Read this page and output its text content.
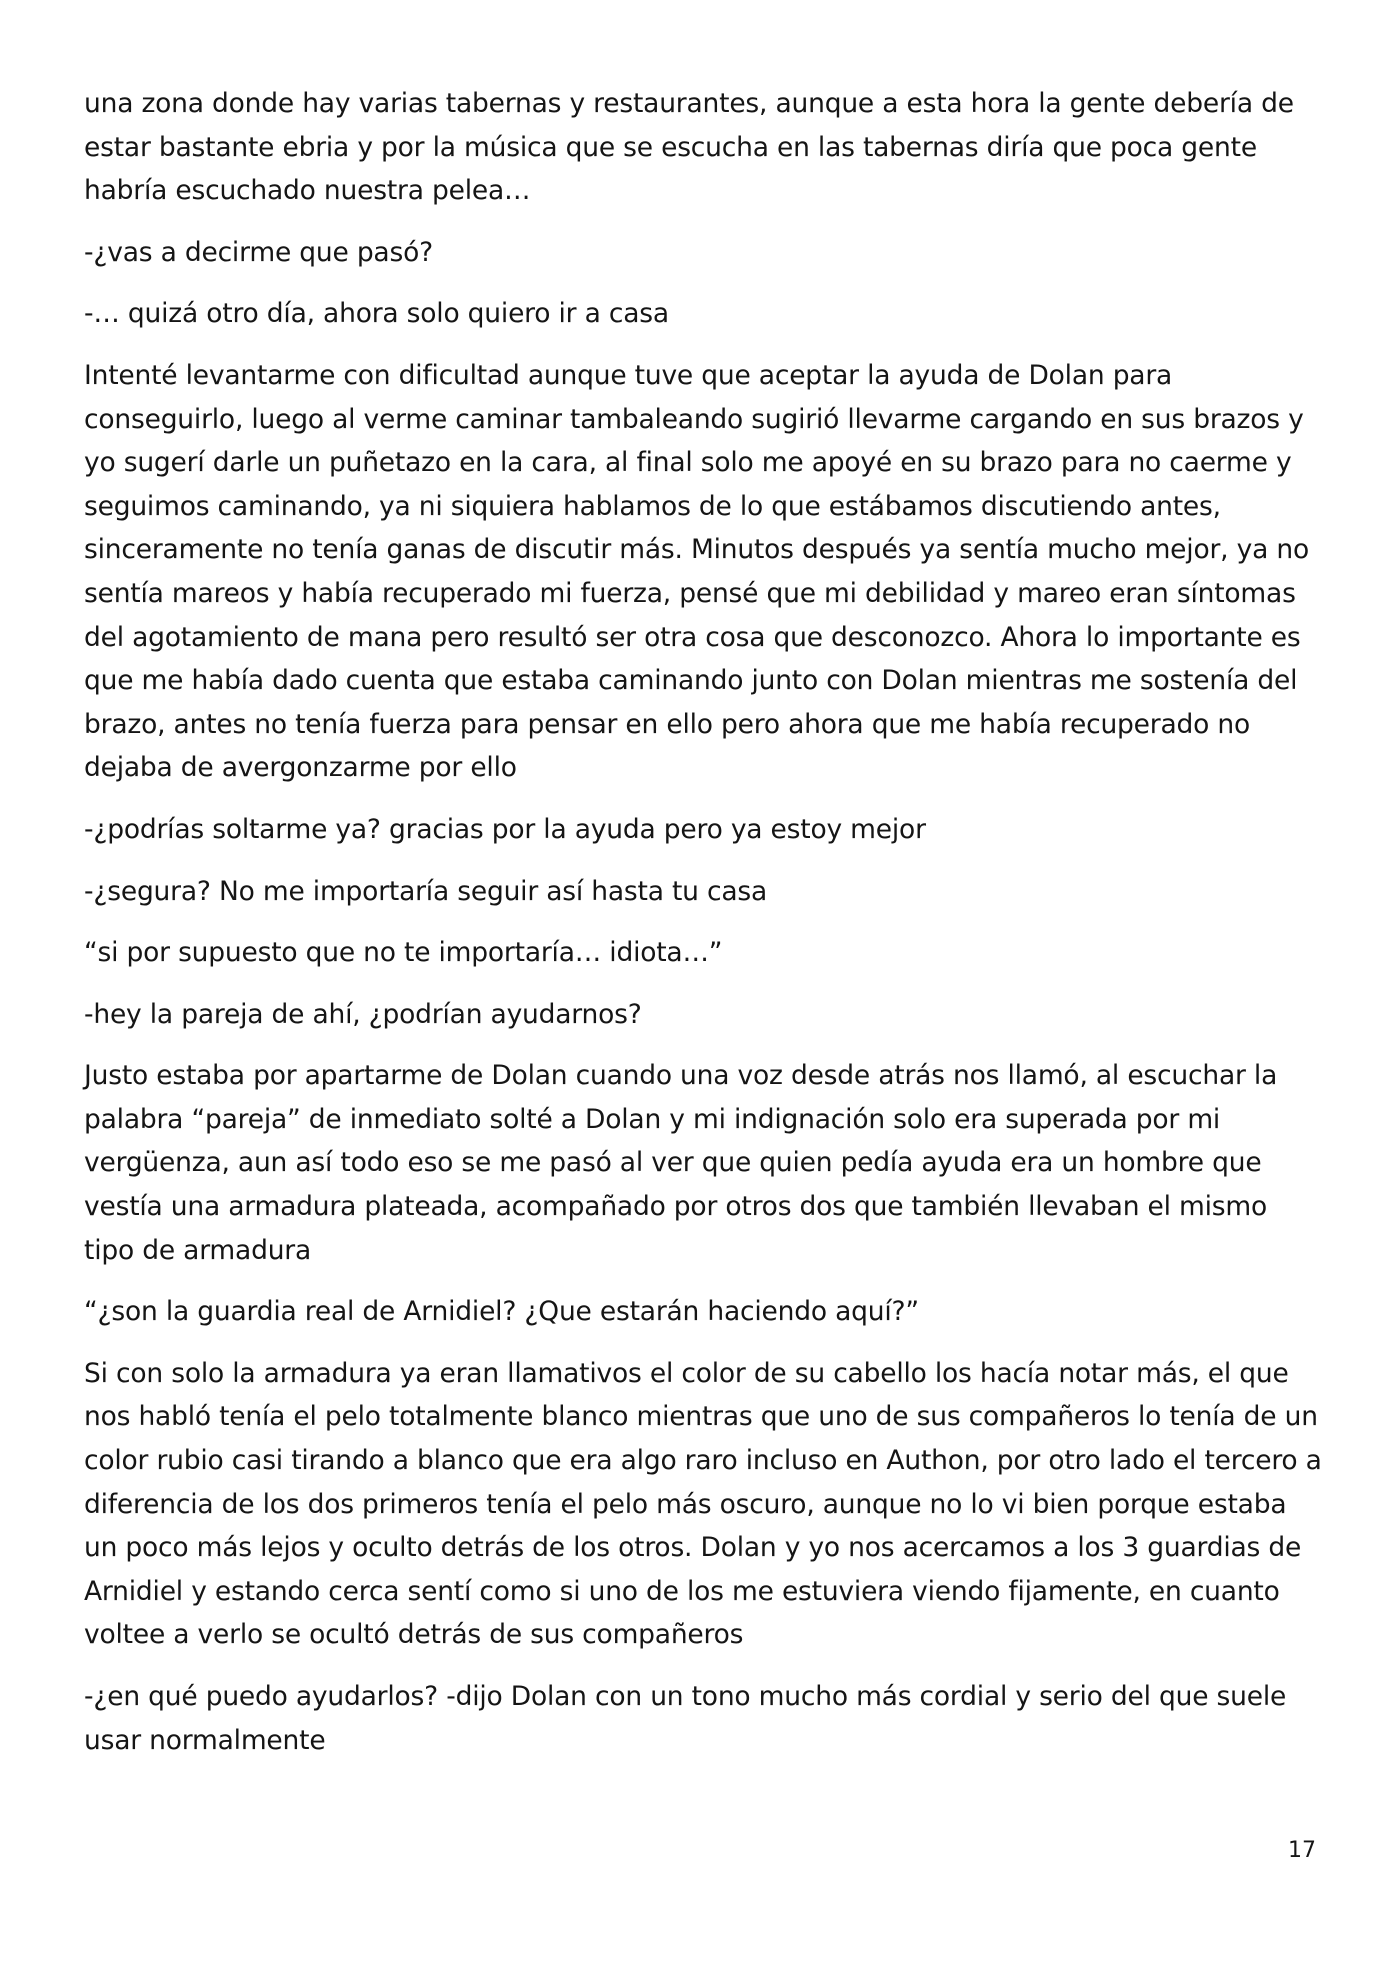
una zona donde hay varias tabernas y restaurantes, aunque a esta hora la gente debería de estar bastante ebria y por la música que se escucha en las tabernas diría que poca gente habría escuchado nuestra pelea…

-¿vas a decirme que pasó?

-… quizá otro día, ahora solo quiero ir a casa

Intenté levantarme con dificultad aunque tuve que aceptar la ayuda de Dolan para conseguirlo, luego al verme caminar tambaleando sugirió llevarme cargando en sus brazos y yo sugerí darle un puñetazo en la cara, al final solo me apoyé en su brazo para no caerme y seguimos caminando, ya ni siquiera hablamos de lo que estábamos discutiendo antes, sinceramente no tenía ganas de discutir más. Minutos después ya sentía mucho mejor, ya no sentía mareos y había recuperado mi fuerza, pensé que mi debilidad y mareo eran síntomas del agotamiento de mana pero resultó ser otra cosa que desconozco. Ahora lo importante es que me había dado cuenta que estaba caminando junto con Dolan mientras me sostenía del brazo, antes no tenía fuerza para pensar en ello pero ahora que me había recuperado no dejaba de avergonzarme por ello

-¿podrías soltarme ya? gracias por la ayuda pero ya estoy mejor

-¿segura? No me importaría seguir así hasta tu casa

“si por supuesto que no te importaría… idiota…”

-hey la pareja de ahí, ¿podrían ayudarnos?

Justo estaba por apartarme de Dolan cuando una voz desde atrás nos llamó, al escuchar la palabra “pareja” de inmediato solté a Dolan y mi indignación solo era superada por mi vergüenza, aun así todo eso se me pasó al ver que quien pedía ayuda era un hombre que vestía una armadura plateada, acompañado por otros dos que también llevaban el mismo tipo de armadura

“¿son la guardia real de Arnidiel? ¿Que estarán haciendo aquí?”

Si con solo la armadura ya eran llamativos el color de su cabello los hacía notar más, el que nos habló tenía el pelo totalmente blanco mientras que uno de sus compañeros lo tenía de un color rubio casi tirando a blanco que era algo raro incluso en Authon, por otro lado el tercero a diferencia de los dos primeros tenía el pelo más oscuro, aunque no lo vi bien porque estaba un poco más lejos y oculto detrás de los otros. Dolan y yo nos acercamos a los 3 guardias de Arnidiel y estando cerca sentí como si uno de los me estuviera viendo fijamente, en cuanto voltee a verlo se ocultó detrás de sus compañeros

-¿en qué puedo ayudarlos? -dijo Dolan con un tono mucho más cordial y serio del que suele usar normalmente

17
